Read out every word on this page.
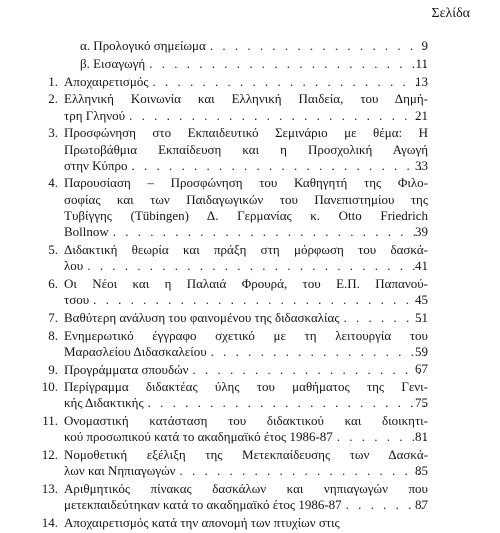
Σελίδα
α. Προλογικό σημείωμα . . .	9
β. Εισαγωγή . . .	11
1. Αποχαιρετισμός . . .	13
2. Ελληνική Κοινωνία και Ελληνική Παιδεία, του Δημή-
τρη Γληνού . . .	21
3. Προσφώνηση στο Εκπαιδευτικό Σεμινάριο με θέμα: Η
Πρωτοβάθμια Εκπαίδευση και η Προσχολική Αγωγή
στην Κύπρο . . .	33
4. Παρουσίαση – Προσφώνηση του Καθηγητή της Φιλο-
σοφίας και των Παιδαγωγικών του Πανεπιστημίου της
Τυβίγγης (Tübingen) Δ. Γερμανίας κ. Otto Friedrich
Bollnow . . .	39
5. Διδακτική θεωρία και πράξη στη μόρφωση του δασκά-
λου . . .	41
6. Οι Νέοι και η Παλαιά Φρουρά, του Ε.Π. Παπανού-
τσου . . .	45
7. Βαθύτερη ανάλυση του φαινομένου της διδασκαλίας . . .	51
8. Ενημερωτικό έγγραφο σχετικό με τη λειτουργία του
Μαρασλείου Διδασκαλείου . . .	59
9. Προγράμματα σπουδών . . .	67
10. Περίγραμμα διδακτέας ύλης του μαθήματος της Γενι-
κής Διδακτικής . . .	75
11. Ονομαστική κατάσταση του διδακτικού και διοικητι-
κού προσωπικού κατά το ακαδημαϊκό έτος 1986-87 . . .	81
12. Νομοθετική εξέλιξη της Μετεκπαίδευσης των Δασκά-
λων και Νηπιαγωγών . . .	85
13. Αριθμητικός πίνακας δασκάλων και νηπιαγωγών που
μετεκπαιδεύτηκαν κατά το ακαδημαϊκό έτος 1986-87 . . .	87
14. Αποχαιρετισμός κατά την απονομή των πτυχίων στις
